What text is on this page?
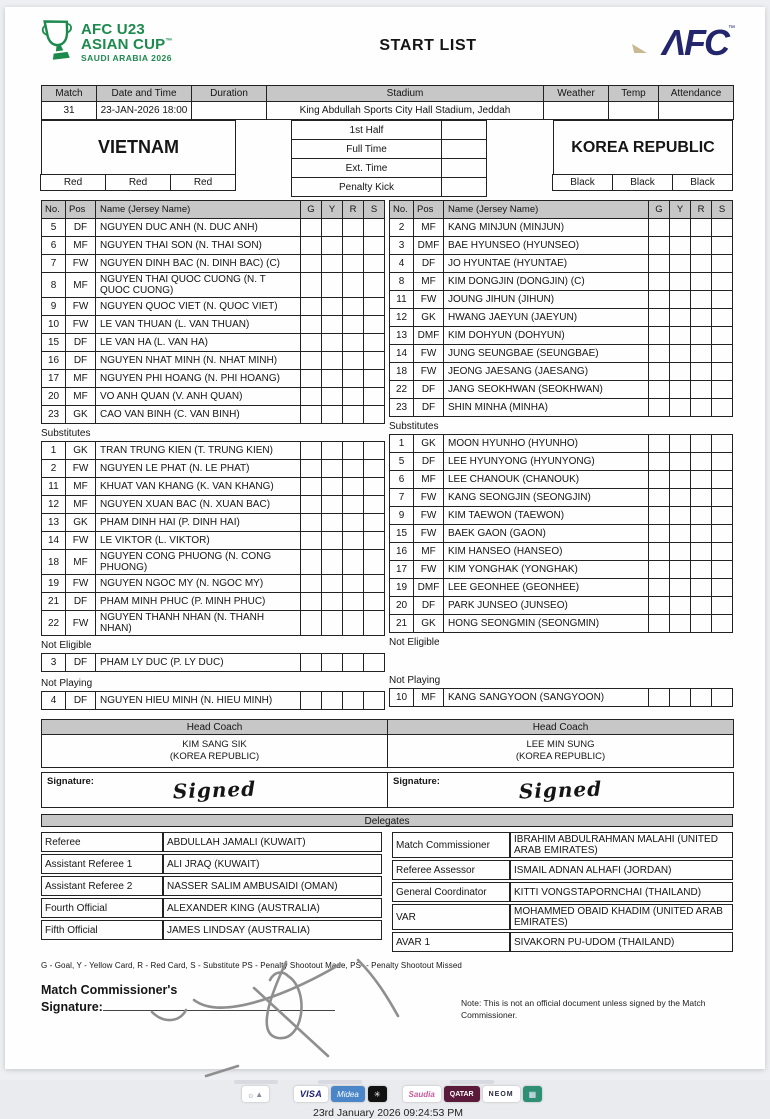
AFC U23
ASIAN CUP™
SAUDI ARABIA 2026
START LIST	ΛFC™
Match	Date and Time	Duration	Stadium	Weather	Temp	Attendance
31	23-JAN-2026 18:00		King Abdullah Sports City Hall Stadium, Jeddah			
VIETNAM
Red	Red	Red
1st Half	
Full Time	
Ext. Time	
Penalty Kick	
KOREA REPUBLIC
Black	Black	Black
No.	Pos	Name (Jersey Name)	G	Y	R	S
5	DF	NGUYEN DUC ANH (N. DUC ANH)				
6	MF	NGUYEN THAI SON (N. THAI SON)				
7	FW	NGUYEN DINH BAC (N. DINH BAC) (C)				
8	MF	NGUYEN THAI QUOC CUONG (N. T QUOC CUONG)				
9	FW	NGUYEN QUOC VIET (N. QUOC VIET)				
10	FW	LE VAN THUAN (L. VAN THUAN)				
15	DF	LE VAN HA (L. VAN HA)				
16	DF	NGUYEN NHAT MINH (N. NHAT MINH)				
17	MF	NGUYEN PHI HOANG (N. PHI HOANG)				
20	MF	VO ANH QUAN (V. ANH QUAN)				
23	GK	CAO VAN BINH (C. VAN BINH)				
Substitutes
1	GK	TRAN TRUNG KIEN (T. TRUNG KIEN)				
2	FW	NGUYEN LE PHAT (N. LE PHAT)				
11	MF	KHUAT VAN KHANG (K. VAN KHANG)				
12	MF	NGUYEN XUAN BAC (N. XUAN BAC)				
13	GK	PHAM DINH HAI (P. DINH HAI)				
14	FW	LE VIKTOR (L. VIKTOR)				
18	MF	NGUYEN CONG PHUONG (N. CONG PHUONG)				
19	FW	NGUYEN NGOC MY (N. NGOC MY)				
21	DF	PHAM MINH PHUC (P. MINH PHUC)				
22	FW	NGUYEN THANH NHAN (N. THANH NHAN)				
Not Eligible
3	DF	PHAM LY DUC (P. LY DUC)				
Not Playing
4	DF	NGUYEN HIEU MINH (N. HIEU MINH)				
No.	Pos	Name (Jersey Name)	G	Y	R	S
2	MF	KANG MINJUN (MINJUN)				
3	DMF	BAE HYUNSEO (HYUNSEO)				
4	DF	JO HYUNTAE (HYUNTAE)				
8	MF	KIM DONGJIN (DONGJIN) (C)				
11	FW	JOUNG JIHUN (JIHUN)				
12	GK	HWANG JAEYUN (JAEYUN)				
13	DMF	KIM DOHYUN (DOHYUN)				
14	FW	JUNG SEUNGBAE (SEUNGBAE)				
18	FW	JEONG JAESANG (JAESANG)				
22	DF	JANG SEOKHWAN (SEOKHWAN)				
23	DF	SHIN MINHA (MINHA)				
Substitutes
1	GK	MOON HYUNHO (HYUNHO)				
5	DF	LEE HYUNYONG (HYUNYONG)				
6	MF	LEE CHANOUK (CHANOUK)				
7	FW	KANG SEONGJIN (SEONGJIN)				
9	FW	KIM TAEWON (TAEWON)				
15	FW	BAEK GAON (GAON)				
16	MF	KIM HANSEO (HANSEO)				
17	FW	KIM YONGHAK (YONGHAK)				
19	DMF	LEE GEONHEE (GEONHEE)				
20	DF	PARK JUNSEO (JUNSEO)				
21	GK	HONG SEONGMIN (SEONGMIN)				
Not Eligible
Not Playing
10	MF	KANG SANGYOON (SANGYOON)				
Head Coach	Head Coach

KIM SANG SIK
(KOREA REPUBLIC)

LEE MIN SUNG
(KOREA REPUBLIC)
Signature:	Signed	Signature:	Signed
Delegates
Referee	ABDULLAH JAMALI (KUWAIT)
Assistant Referee 1	ALI JRAQ (KUWAIT)
Assistant Referee 2	NASSER SALIM AMBUSAIDI (OMAN)
Fourth Official	ALEXANDER KING (AUSTRALIA)
Fifth Official	JAMES LINDSAY (AUSTRALIA)
Match Commissioner	IBRAHIM ABDULRAHMAN MALAHI (UNITED ARAB EMIRATES)
Referee Assessor	ISMAIL ADNAN ALHAFI (JORDAN)
General Coordinator	KITTI VONGSTAPORNCHAI (THAILAND)
VAR	MOHAMMED OBAID KHADIM (UNITED ARAB EMIRATES)
AVAR 1	SIVAKORN PU-UDOM (THAILAND)
G - Goal, Y - Yellow Card, R - Red Card, S - Substitute PS - Penalty Shootout Made, PS- - Penalty Shootout Missed
Match Commissioner's
Signature:	Note: This is not an official document unless signed by the Match Commissioner.
۞ ▲	VISA	Midea	✳	Saudia	QATAR	NEOM	▦
23rd January 2026 09:24:53 PM
